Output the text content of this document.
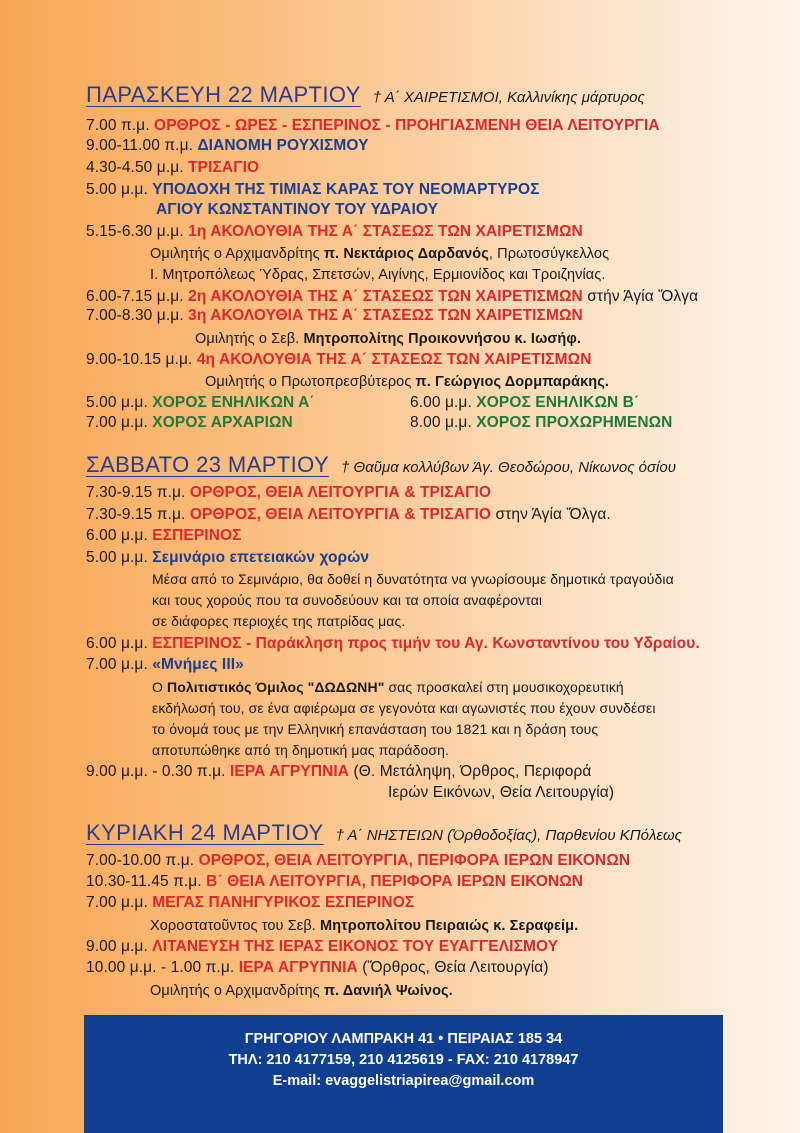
ΠΑΡΑΣΚΕΥΗ 22 ΜΑΡΤΙΟΥ † Α΄ ΧΑΙΡΕΤΙΣΜΟΙ, Καλλινίκης μάρτυρος
7.00 π.μ. ΟΡΘΡΟΣ - ΩΡΕΣ - ΕΣΠΕΡΙΝΟΣ - ΠΡΟΗΓΙΑΣΜΕΝΗ ΘΕΙΑ ΛΕΙΤΟΥΡΓΙΑ
9.00-11.00 π.μ. ΔΙΑΝΟΜΗ ΡΟΥΧΙΣΜΟΥ
4.30-4.50 μ.μ. ΤΡΙΣΑΓΙΟ
5.00 μ.μ. ΥΠΟΔΟΧΗ ΤΗΣ ΤΙΜΙΑΣ ΚΑΡΑΣ ΤΟΥ ΝΕΟΜΑΡΤΥΡΟΣ
ΑΓΙΟΥ ΚΩΝΣΤΑΝΤΙΝΟΥ ΤΟΥ ΥΔΡΑΙΟΥ
5.15-6.30 μ.μ. 1η ΑΚΟΛΟΥΘΙΑ ΤΗΣ Α΄ ΣΤΑΣΕΩΣ ΤΩΝ ΧΑΙΡΕΤΙΣΜΩΝ
Ομιλητής ο Αρχιμανδρίτης π. Νεκτάριος Δαρδανός, Πρωτοσύγκελλος
Ι. Μητροπόλεως Ύδρας, Σπετσών, Αιγίνης, Ερμιονίδος και Τροιζηνίας.
6.00-7.15 μ.μ. 2η ΑΚΟΛΟΥΘΙΑ ΤΗΣ Α΄ ΣΤΑΣΕΩΣ ΤΩΝ ΧΑΙΡΕΤΙΣΜΩΝ στήν Άγία Ὄλγα
7.00-8.30 μ.μ. 3η ΑΚΟΛΟΥΘΙΑ ΤΗΣ Α΄ ΣΤΑΣΕΩΣ ΤΩΝ ΧΑΙΡΕΤΙΣΜΩΝ
Ομιλητής ο Σεβ. Μητροπολίτης Προικοννήσου κ. Ιωσήφ.
9.00-10.15 μ.μ. 4η ΑΚΟΛΟΥΘΙΑ ΤΗΣ Α΄ ΣΤΑΣΕΩΣ ΤΩΝ ΧΑΙΡΕΤΙΣΜΩΝ
Ομιλητής ο Πρωτοπρεσβύτερος π. Γεώργιος Δορμπαράκης.
5.00 μ.μ. ΧΟΡΟΣ ΕΝΗΛΙΚΩΝ Α΄	6.00 μ.μ. ΧΟΡΟΣ ΕΝΗΛΙΚΩΝ Β΄
7.00 μ.μ. ΧΟΡΟΣ ΑΡΧΑΡΙΩΝ	8.00 μ.μ. ΧΟΡΟΣ ΠΡΟΧΩΡΗΜΕΝΩΝ
ΣΑΒΒΑΤΟ 23 ΜΑΡΤΙΟΥ † Θαῦμα κολλύβων Άγ. Θεοδώρου, Νίκωνος όσίου
7.30-9.15 π.μ. ΟΡΘΡΟΣ, ΘΕΙΑ ΛΕΙΤΟΥΡΓΙΑ & ΤΡΙΣΑΓΙΟ
7.30-9.15 π.μ. ΟΡΘΡΟΣ, ΘΕΙΑ ΛΕΙΤΟΥΡΓΙΑ & ΤΡΙΣΑΓΙΟ στην Άγία Ὄλγα.
6.00 μ.μ. ΕΣΠΕΡΙΝΟΣ
5.00 μ.μ. Σεμινάριο επετειακών χορών
Μέσα από το Σεμινάριο, θα δοθεί η δυνατότητα να γνωρίσουμε δημοτικά τραγούδια
και τους χορούς που τα συνοδεύουν και τα οποία αναφέρονται
σε διάφορες περιοχές της πατρίδας μας.
6.00 μ.μ. ΕΣΠΕΡΙΝΟΣ - Παράκληση προς τιμήν του Αγ. Κωνσταντίνου του Υδραίου.
7.00 μ.μ. «Μνήμες ΙΙΙ»
Ο Πολιτιστικός Όμιλος "ΔΩΔΩΝΗ" σας προσκαλεί στη μουσικοχορευτική
εκδήλωσή του, σε ένα αφιέρωμα σε γεγονότα και αγωνιστές που έχουν συνδέσει
το όνομά τους με την Ελληνική επανάσταση του 1821 και η δράση τους
αποτυπώθηκε από τη δημοτική μας παράδοση.
9.00 μ.μ. - 0.30 π.μ. ΙΕΡΑ ΑΓΡΥΠΝΙΑ (Θ. Μετάληψη, Όρθρος, Περιφορά
Ιερών Εικόνων, Θεία Λειτουργία)
ΚΥΡΙΑΚΗ 24 ΜΑΡΤΙΟΥ † Α΄ ΝΗΣΤΕΙΩΝ (Ὀρθοδοξίας), Παρθενίου ΚΠόλεως
7.00-10.00 π.μ. ΟΡΘΡΟΣ, ΘΕΙΑ ΛΕΙΤΟΥΡΓΙΑ, ΠΕΡΙΦΟΡΑ ΙΕΡΩΝ ΕΙΚΟΝΩΝ
10.30-11.45 π.μ. Β΄ ΘΕΙΑ ΛΕΙΤΟΥΡΓΙΑ, ΠΕΡΙΦΟΡΑ ΙΕΡΩΝ ΕΙΚΟΝΩΝ
7.00 μ.μ. ΜΕΓΑΣ ΠΑΝΗΓΥΡΙΚΟΣ ΕΣΠΕΡΙΝΟΣ
Χοροστατοῦντος του Σεβ. Μητροπολίτου Πειραιώς κ. Σεραφείμ.
9.00 μ.μ. ΛΙΤΑΝΕΥΣΗ ΤΗΣ ΙΕΡΑΣ ΕΙΚΟΝΟΣ ΤΟΥ ΕΥΑΓΓΕΛΙΣΜΟΥ
10.00 μ.μ. - 1.00 π.μ. ΙΕΡΑ ΑΓΡΥΠΝΙΑ (Ὄρθρος, Θεία Λειτουργία)
Ομιλητής ο Αρχιμανδρίτης π. Δανιήλ Ψωίνος.
ΓΡΗΓΟΡΙΟΥ ΛΑΜΠΡΑΚΗ 41 • ΠΕΙΡΑΙΑΣ 185 34
ΤΗΛ: 210 4177159, 210 4125619 - FAX: 210 4178947
E-mail: evaggelistriapirea@gmail.com
